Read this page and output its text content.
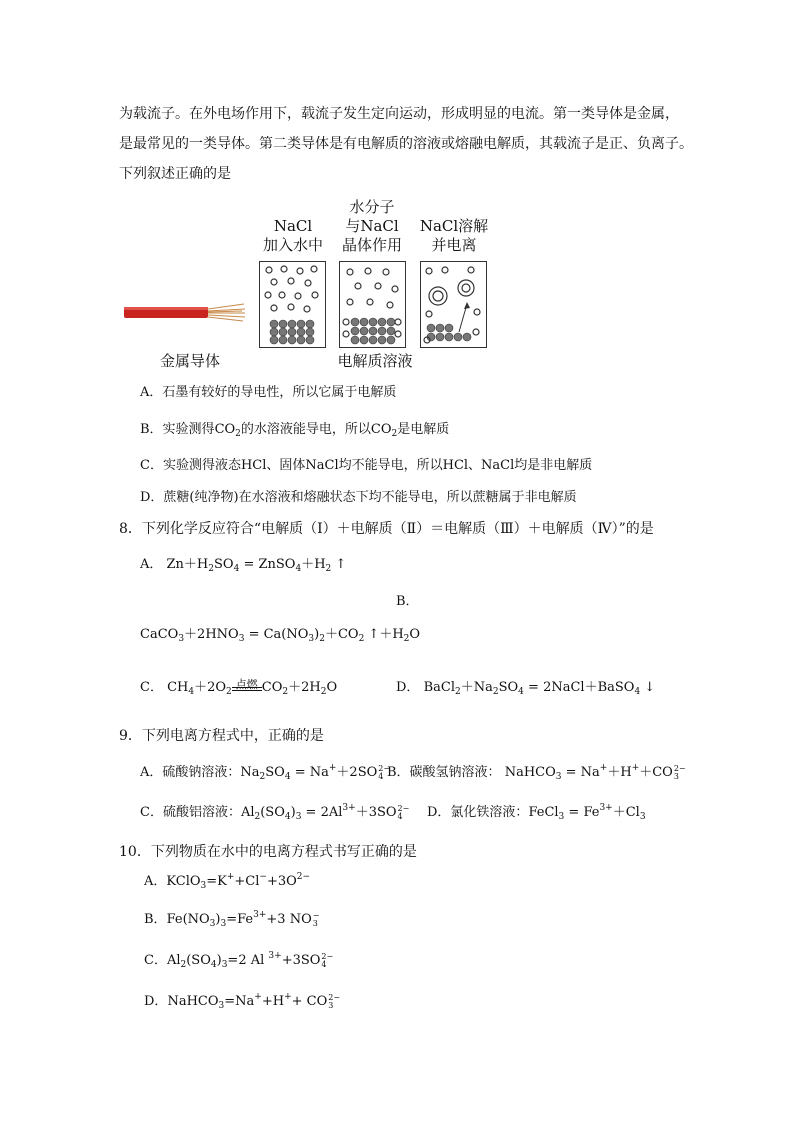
为载流子。在外电场作用下，载流子发生定向运动，形成明显的电流。第一类导体是金属，
是最常见的一类导体。第二类导体是有电解质的溶液或熔融电解质，其载流子是正、负离子。
下列叙述正确的是
NaCl
加入水中
水分子
与NaCl
晶体作用
NaCl溶解
并电离
金属导体	电解质溶液
A．石墨有较好的导电性，所以它属于电解质
B．实验测得$CO_2$的水溶液能导电，所以$CO_2$是电解质
C．实验测得液态HCl、固体NaCl均不能导电，所以HCl、NaCl均是非电解质
D．蔗糖(纯净物)在水溶液和熔融状态下均不能导电，所以蔗糖属于非电解质
8．下列化学反应符合“电解质（Ⅰ）＋电解质（Ⅱ）＝电解质（Ⅲ）＋电解质（Ⅳ）”的是
A． $Zn+H_2SO_4$ = $ZnSO_4+H_2$ ↑
B．
$CaCO_3+2HNO_3 = Ca(NO_3)_2+CO_2$ $↑+H_2O$
C． $CH_4+2O_2$
点燃 $CO_2+2H_2O$	D． $BaCl_2+Na_2SO_4$ = 2NaCl＋BaSO$_4$ ↓
9．下列电离方程式中，正确的是
A．硫酸钠溶液：$Na_2SO_4 = Na^++2SO$ 2−
4 B．碳酸氢钠溶液： NaHCO$_3$ = Na+＋H+＋CO 2−
3
C．硫酸铝溶液：$Al_2(SO_4)_3 = 2Al^{3+}+3SO$ 2−
4	D．氯化铁溶液：FeCl$_3$ = $Fe^{3+}+Cl_3$
10．下列物质在水中的电离方程式书写正确的是
A．$KClO_3=K^++Cl^-+3O^{2-}$
B．$Fe(NO_3)_3=Fe^{3+}+3$ NO −
3
C．$Al_2(SO_4)_3=2$ Al $^{3+}$+3SO 2−
4
D．NaHCO$_3$=Na++H++ CO 2−
3
